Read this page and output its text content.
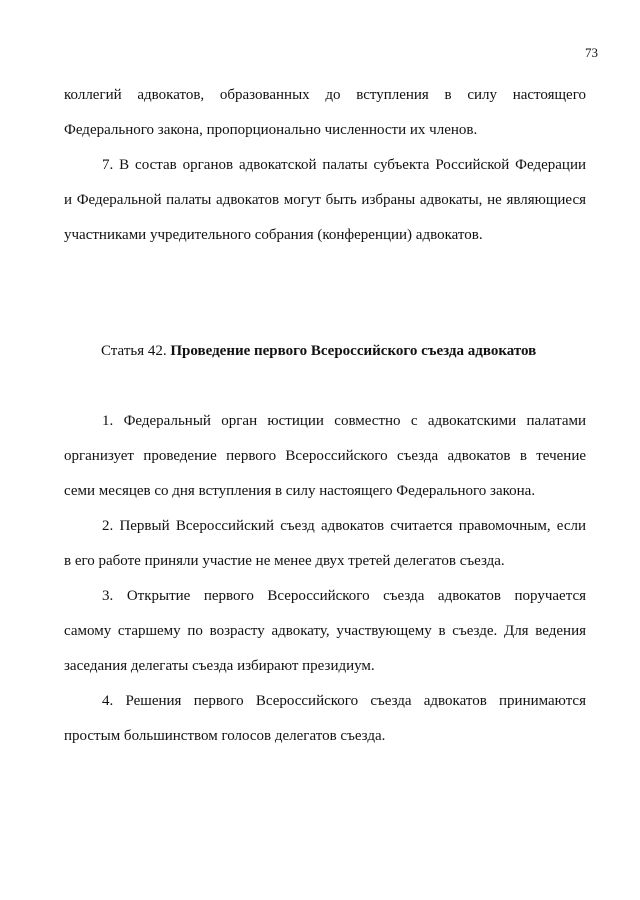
73

коллегий адвокатов, образованных до вступления в силу настоящего
Федерального закона, пропорционально численности их членов.

7. В состав органов адвокатской палаты субъекта Российской Федерации
и Федеральной палаты адвокатов могут быть избраны адвокаты, не являющиеся
участниками учредительного собрания (конференции) адвокатов.

Статья 42. Проведение первого Всероссийского съезда адвокатов

1. Федеральный орган юстиции совместно с адвокатскими палатами
организует проведение первого Всероссийского съезда адвокатов в течение
семи месяцев со дня вступления в силу настоящего Федерального закона.

2. Первый Всероссийский съезд адвокатов считается правомочным, если
в его работе приняли участие не менее двух третей делегатов съезда.

3. Открытие первого Всероссийского съезда адвокатов поручается
самому старшему по возрасту адвокату, участвующему в съезде. Для ведения
заседания делегаты съезда избирают президиум.

4. Решения первого Всероссийского съезда адвокатов принимаются
простым большинством голосов делегатов съезда.
